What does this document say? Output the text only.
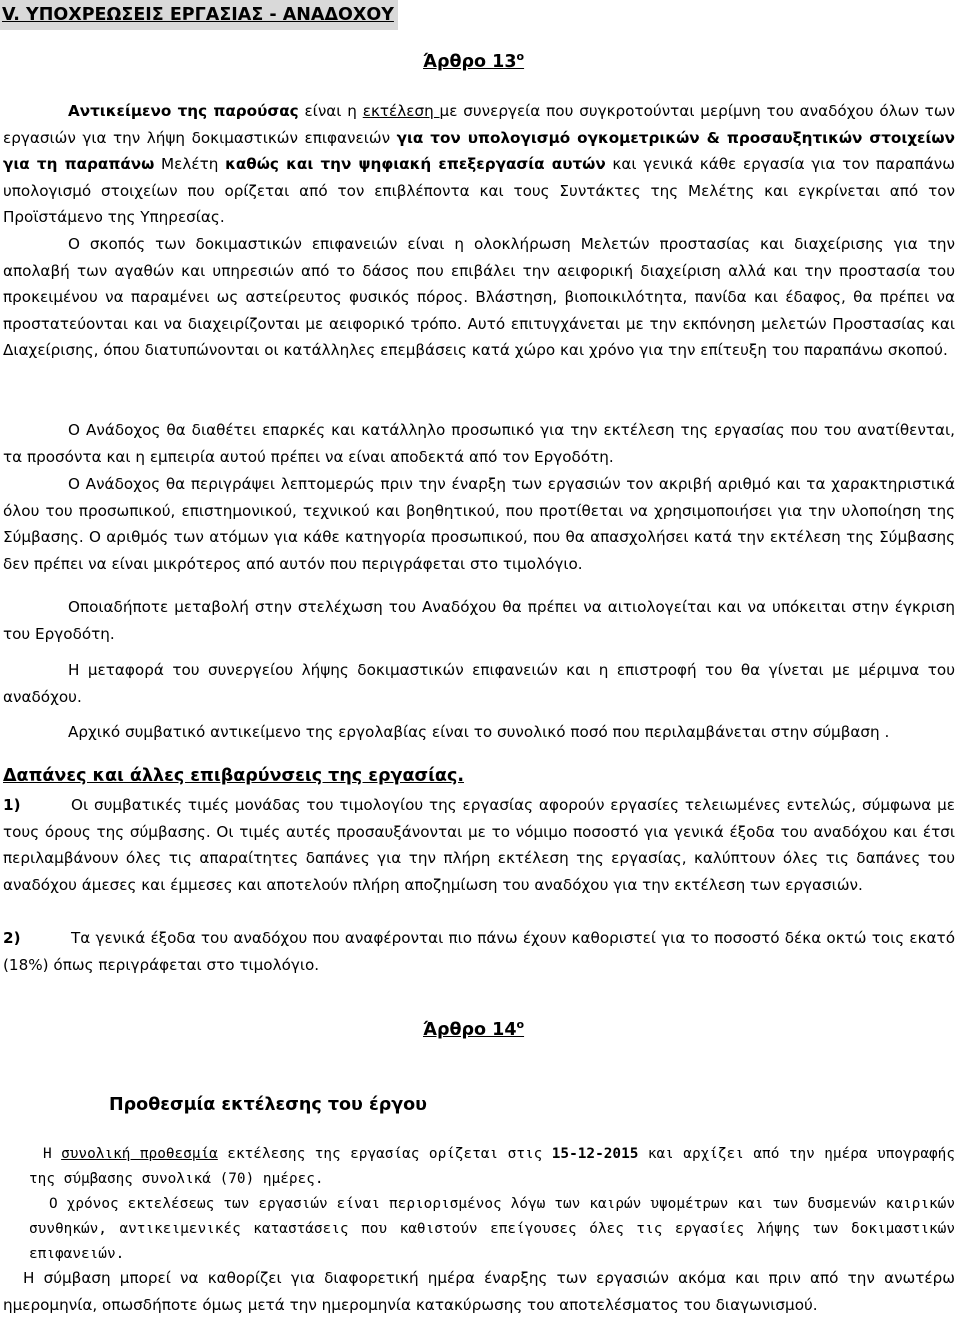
V. ΥΠΟΧΡΕΩΣΕΙΣ ΕΡΓΑΣΙΑΣ - ΑΝΑΔΟΧΟΥ
Άρθρο $13^o$

Αντικείμενο της παρούσας είναι η εκτέλεση με συνεργεία που συγκροτούνται μερίμνη του αναδόχου όλων των εργασιών για την λήψη δοκιμαστικών επιφανειών για τον υπολογισμό ογκομετρικών & προσαυξητικών στοιχείων για τη παραπάνω Μελέτη καθώς και την ψηφιακή επεξεργασία αυτών και γενικά κάθε εργασία για τον παραπάνω υπολογισμό στοιχείων που ορίζεται από τον επιβλέποντα και τους Συντάκτες της Μελέτης και εγκρίνεται από τον Προϊστάμενο της Υπηρεσίας.

Ο σκοπός των δοκιμαστικών επιφανειών είναι η ολοκλήρωση Μελετών προστασίας και διαχείρισης για την απολαβή των αγαθών και υπηρεσιών από το δάσος που επιβάλει την αειφορική διαχείριση αλλά και την προστασία του προκειμένου να παραμένει ως αστείρευτος φυσικός πόρος. Βλάστηση, βιοποικιλότητα, πανίδα και έδαφος, θα πρέπει να προστατεύονται και να διαχειρίζονται με αειφορικό τρόπο. Αυτό επιτυγχάνεται με την εκπόνηση μελετών Προστασίας και Διαχείρισης, όπου διατυπώνονται οι κατάλληλες επεμβάσεις κατά χώρο και χρόνο για την επίτευξη του παραπάνω σκοπού.

Ο Ανάδοχος θα διαθέτει επαρκές και κατάλληλο προσωπικό για την εκτέλεση της εργασίας που του ανατίθενται, τα προσόντα και η εμπειρία αυτού πρέπει να είναι αποδεκτά από τον Εργοδότη.

Ο Ανάδοχος θα περιγράψει λεπτομερώς πριν την έναρξη των εργασιών τον ακριβή αριθμό και τα χαρακτηριστικά όλου του προσωπικού, επιστημονικού, τεχνικού και βοηθητικού, που προτίθεται να χρησιμοποιήσει για την υλοποίηση της Σύμβασης. Ο αριθμός των ατόμων για κάθε κατηγορία προσωπικού, που θα απασχολήσει κατά την εκτέλεση της Σύμβασης δεν πρέπει να είναι μικρότερος από αυτόν που περιγράφεται στο τιμολόγιο.

Οποιαδήποτε μεταβολή στην στελέχωση του Αναδόχου θα πρέπει να αιτιολογείται και να υπόκειται στην έγκριση του Εργοδότη.

Η μεταφορά του συνεργείου λήψης δοκιμαστικών επιφανειών και η επιστροφή του θα γίνεται με μέριμνα του αναδόχου.

Αρχικό συμβατικό αντικείμενο της εργολαβίας είναι το συνολικό ποσό που περιλαμβάνεται στην σύμβαση .

Δαπάνες και άλλες επιβαρύνσεις της εργασίας.

1)	Οι συμβατικές τιμές μονάδας του τιμολογίου της εργασίας αφορούν εργασίες τελειωμένες εντελώς, σύμφωνα με τους όρους της σύμβασης. Οι τιμές αυτές προσαυξάνονται με το νόμιμο ποσοστό για γενικά έξοδα του αναδόχου και έτσι περιλαμβάνουν όλες τις απαραίτητες δαπάνες για την πλήρη εκτέλεση της εργασίας, καλύπτουν όλες τις δαπάνες του αναδόχου άμεσες και έμμεσες και αποτελούν πλήρη αποζημίωση του αναδόχου για την εκτέλεση των εργασιών.

2)	Τα γενικά έξοδα του αναδόχου που αναφέρονται πιο πάνω έχουν καθοριστεί για το ποσοστό δέκα οκτώ τοις εκατό (18%) όπως περιγράφεται στο τιμολόγιο.

Άρθρο $14^o$
Προθεσμία εκτέλεσης του έργου

Η συνολική προθεσμία εκτέλεσης της εργασίας ορίζεται στις 15-12-2015 και αρχίζει από την ημέρα υπογραφής της σύμβασης συνολικά (70) ημέρες.

Ο χρόνος εκτελέσεως των εργασιών είναι περιορισμένος λόγω των καιρών υψομέτρων και των δυσμενών καιρικών συνθηκών, αντικειμενικές καταστάσεις που καθιστούν επείγουσες όλες τις εργασίες λήψης των δοκιμαστικών επιφανειών.

Η σύμβαση μπορεί να καθορίζει για διαφορετική ημέρα έναρξης των εργασιών ακόμα και πριν από την ανωτέρω ημερομηνία, οπωσδήποτε όμως μετά την ημερομηνία κατακύρωσης του αποτελέσματος του διαγωνισμού.
